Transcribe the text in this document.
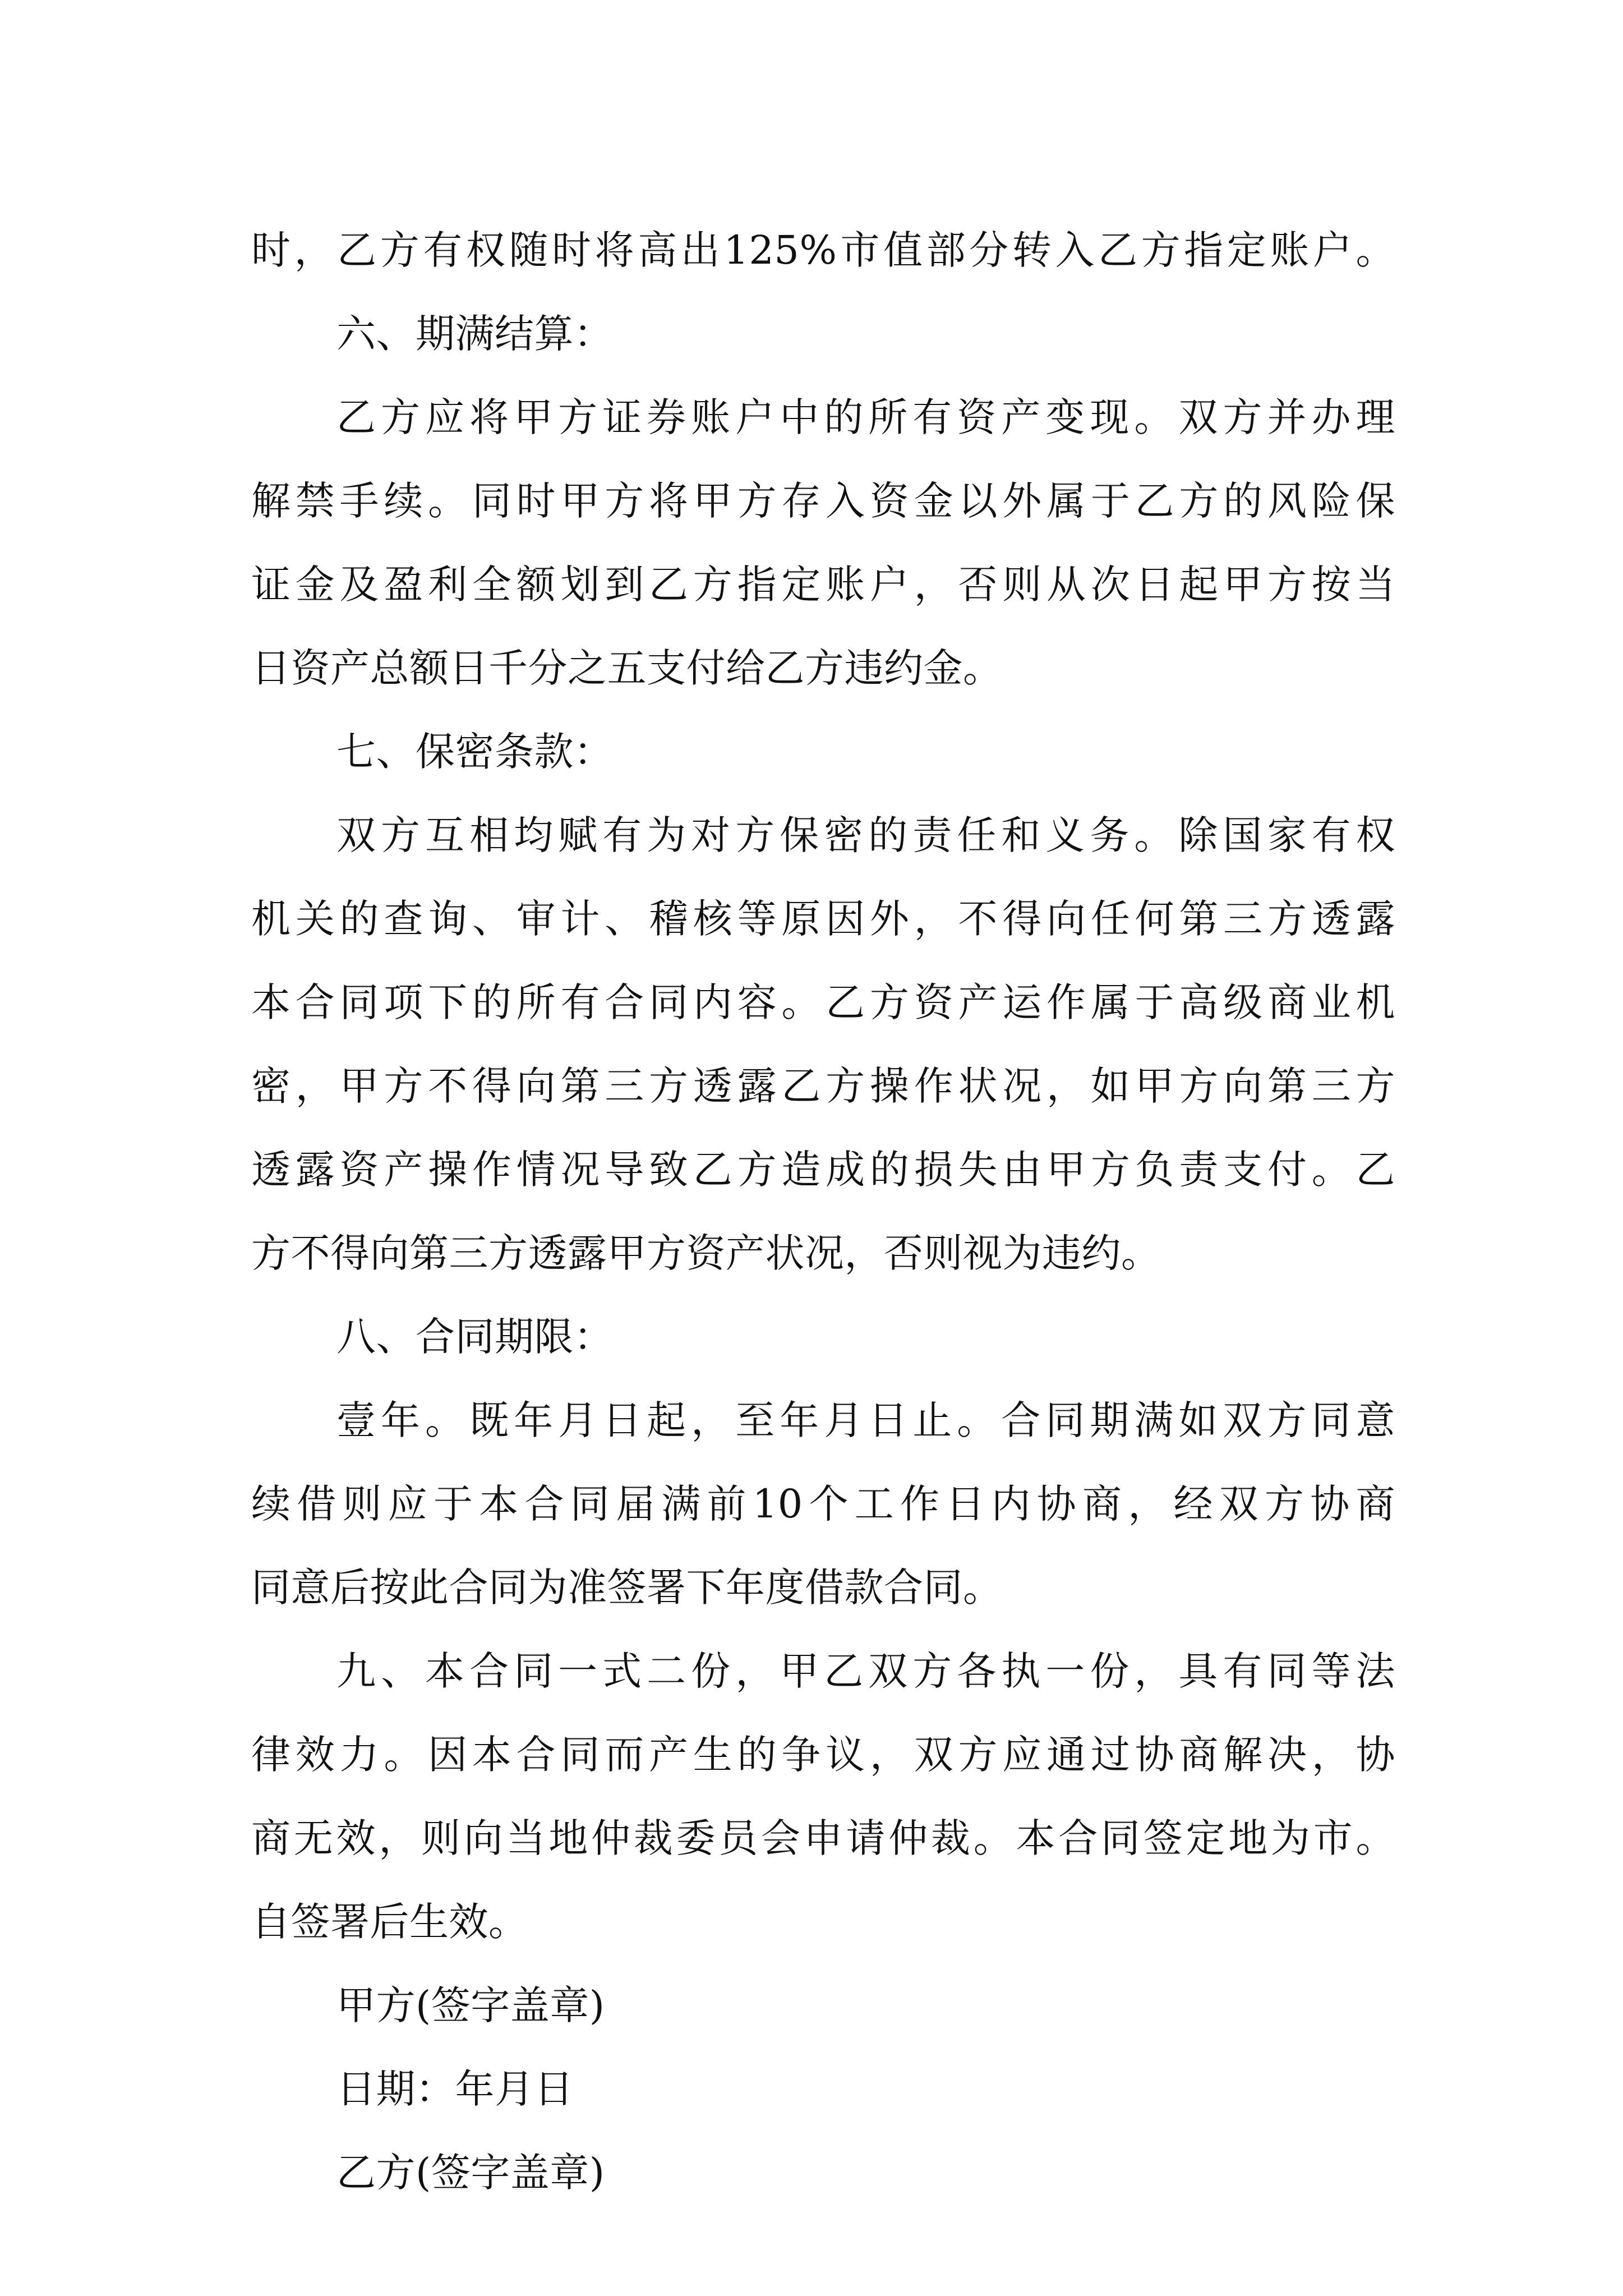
时，乙方有权随时将高出125%市值部分转入乙方指定账户。
六、期满结算：
乙方应将甲方证券账户中的所有资产变现。双方并办理
解禁手续。同时甲方将甲方存入资金以外属于乙方的风险保
证金及盈利全额划到乙方指定账户，否则从次日起甲方按当
日资产总额日千分之五支付给乙方违约金。
七、保密条款：
双方互相均赋有为对方保密的责任和义务。除国家有权
机关的查询、审计、稽核等原因外，不得向任何第三方透露
本合同项下的所有合同内容。乙方资产运作属于高级商业机
密，甲方不得向第三方透露乙方操作状况，如甲方向第三方
透露资产操作情况导致乙方造成的损失由甲方负责支付。乙
方不得向第三方透露甲方资产状况，否则视为违约。
八、合同期限：
壹年。既年月日起，至年月日止。合同期满如双方同意
续借则应于本合同届满前10个工作日内协商，经双方协商
同意后按此合同为准签署下年度借款合同。
九、本合同一式二份，甲乙双方各执一份，具有同等法
律效力。因本合同而产生的争议，双方应通过协商解决，协
商无效，则向当地仲裁委员会申请仲裁。本合同签定地为市。
自签署后生效。
甲方(签字盖章)
日期：年月日
乙方(签字盖章)
